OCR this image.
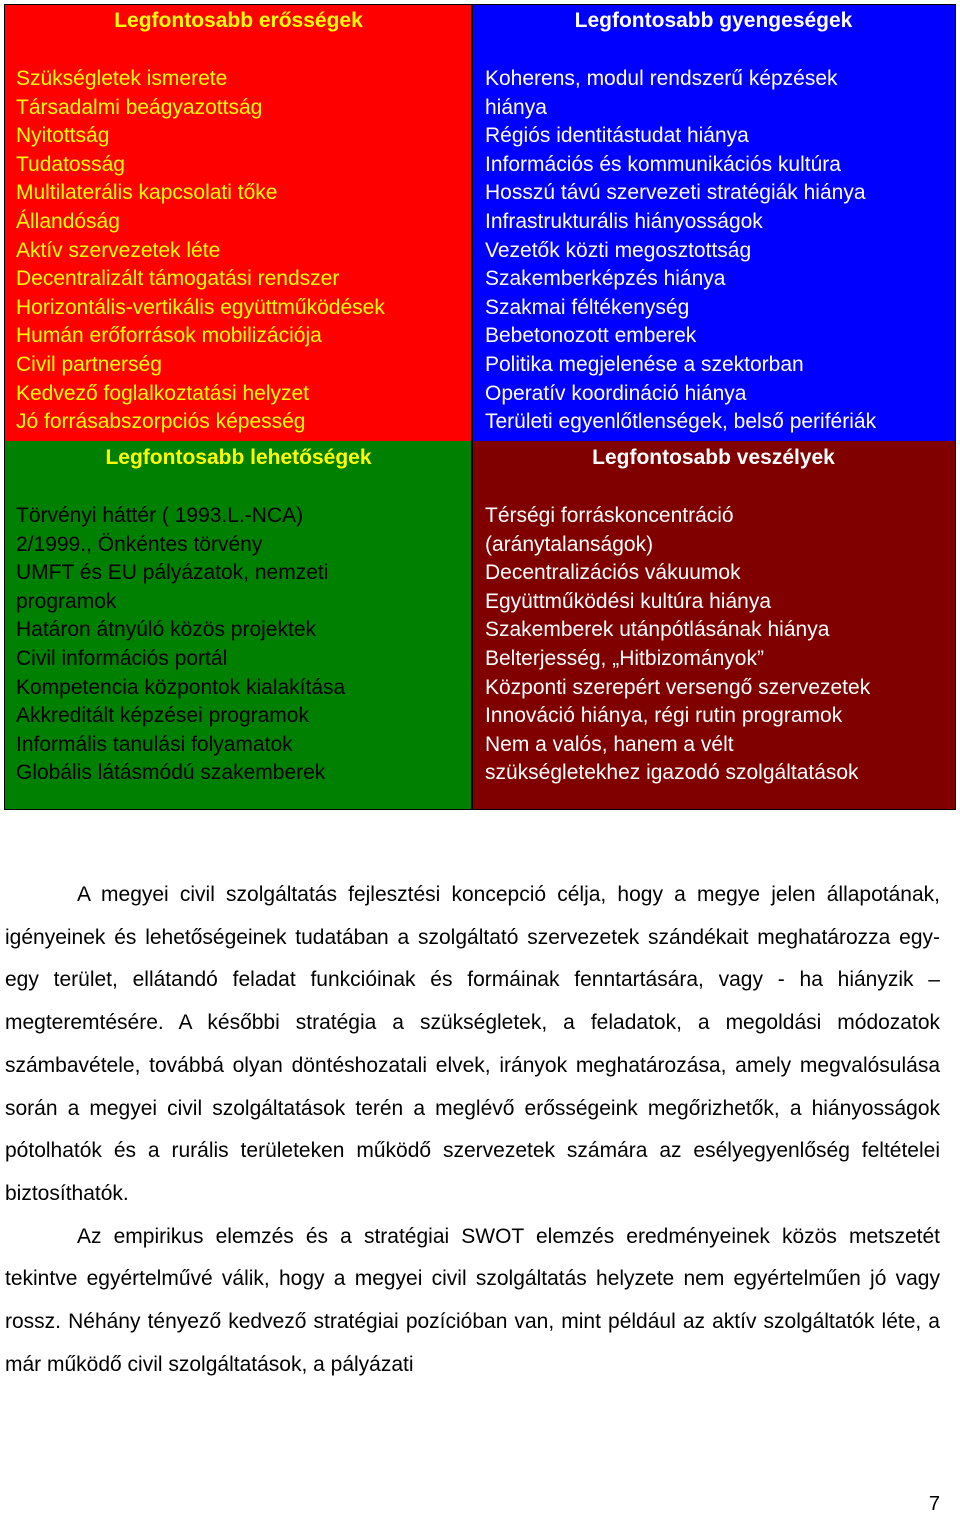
Legfontosabb erősségek
Szükségletek ismerete
Társadalmi beágyazottság
Nyitottság
Tudatosság
Multilaterális kapcsolati tőke
Állandóság
Aktív szervezetek léte
Decentralizált támogatási rendszer
Horizontális-vertikális együttműködések
Humán erőforrások mobilizációja
Civil partnerség
Kedvező foglalkoztatási helyzet
Jó forrásabszorpciós képesség
Legfontosabb gyengeségek
Koherens, modul rendszerű képzések
hiánya
Régiós identitástudat hiánya
Információs és kommunikációs kultúra
Hosszú távú szervezeti stratégiák hiánya
Infrastrukturális hiányosságok
Vezetők közti megosztottság
Szakemberképzés hiánya
Szakmai féltékenység
Bebetonozott emberek
Politika megjelenése a szektorban
Operatív koordináció hiánya
Területi egyenlőtlenségek, belső perifériák
Legfontosabb lehetőségek
Törvényi háttér ( 1993.L.-NCA)
2/1999., Önkéntes törvény
UMFT és EU pályázatok, nemzeti
programok
Határon átnyúló közös projektek
Civil információs portál
Kompetencia központok kialakítása
Akkreditált képzései programok
Informális tanulási folyamatok
Globális látásmódú szakemberek
Legfontosabb veszélyek
Térségi forráskoncentráció
(aránytalanságok)
Decentralizációs vákuumok
Együttműködési kultúra hiánya
Szakemberek utánpótlásának hiánya
Belterjesség, „Hitbizományok”
Központi szerepért versengő szervezetek
Innováció hiánya, régi rutin programok
Nem a valós, hanem a vélt
szükségletekhez igazodó szolgáltatások

A megyei civil szolgáltatás fejlesztési koncepció célja, hogy a megye jelen állapotának, igényeinek és lehetőségeinek tudatában a szolgáltató szervezetek szándékait meghatározza egy-egy terület, ellátandó feladat funkcióinak és formáinak fenntartására, vagy - ha hiányzik – megteremtésére. A későbbi stratégia a szükségletek, a feladatok, a megoldási módozatok számbavétele, továbbá olyan döntéshozatali elvek, irányok meghatározása, amely megvalósulása során a megyei civil szolgáltatások terén a meglévő erősségeink megőrizhetők, a hiányosságok pótolhatók és a rurális területeken működő szervezetek számára az esélyegyenlőség feltételei biztosíthatók.

Az empirikus elemzés és a stratégiai SWOT elemzés eredményeinek közös metszetét tekintve egyértelművé válik, hogy a megyei civil szolgáltatás helyzete nem egyértelműen jó vagy rossz. Néhány tényező kedvező stratégiai pozícióban van, mint például az aktív szolgáltatók léte, a már működő civil szolgáltatások, a pályázati

7
